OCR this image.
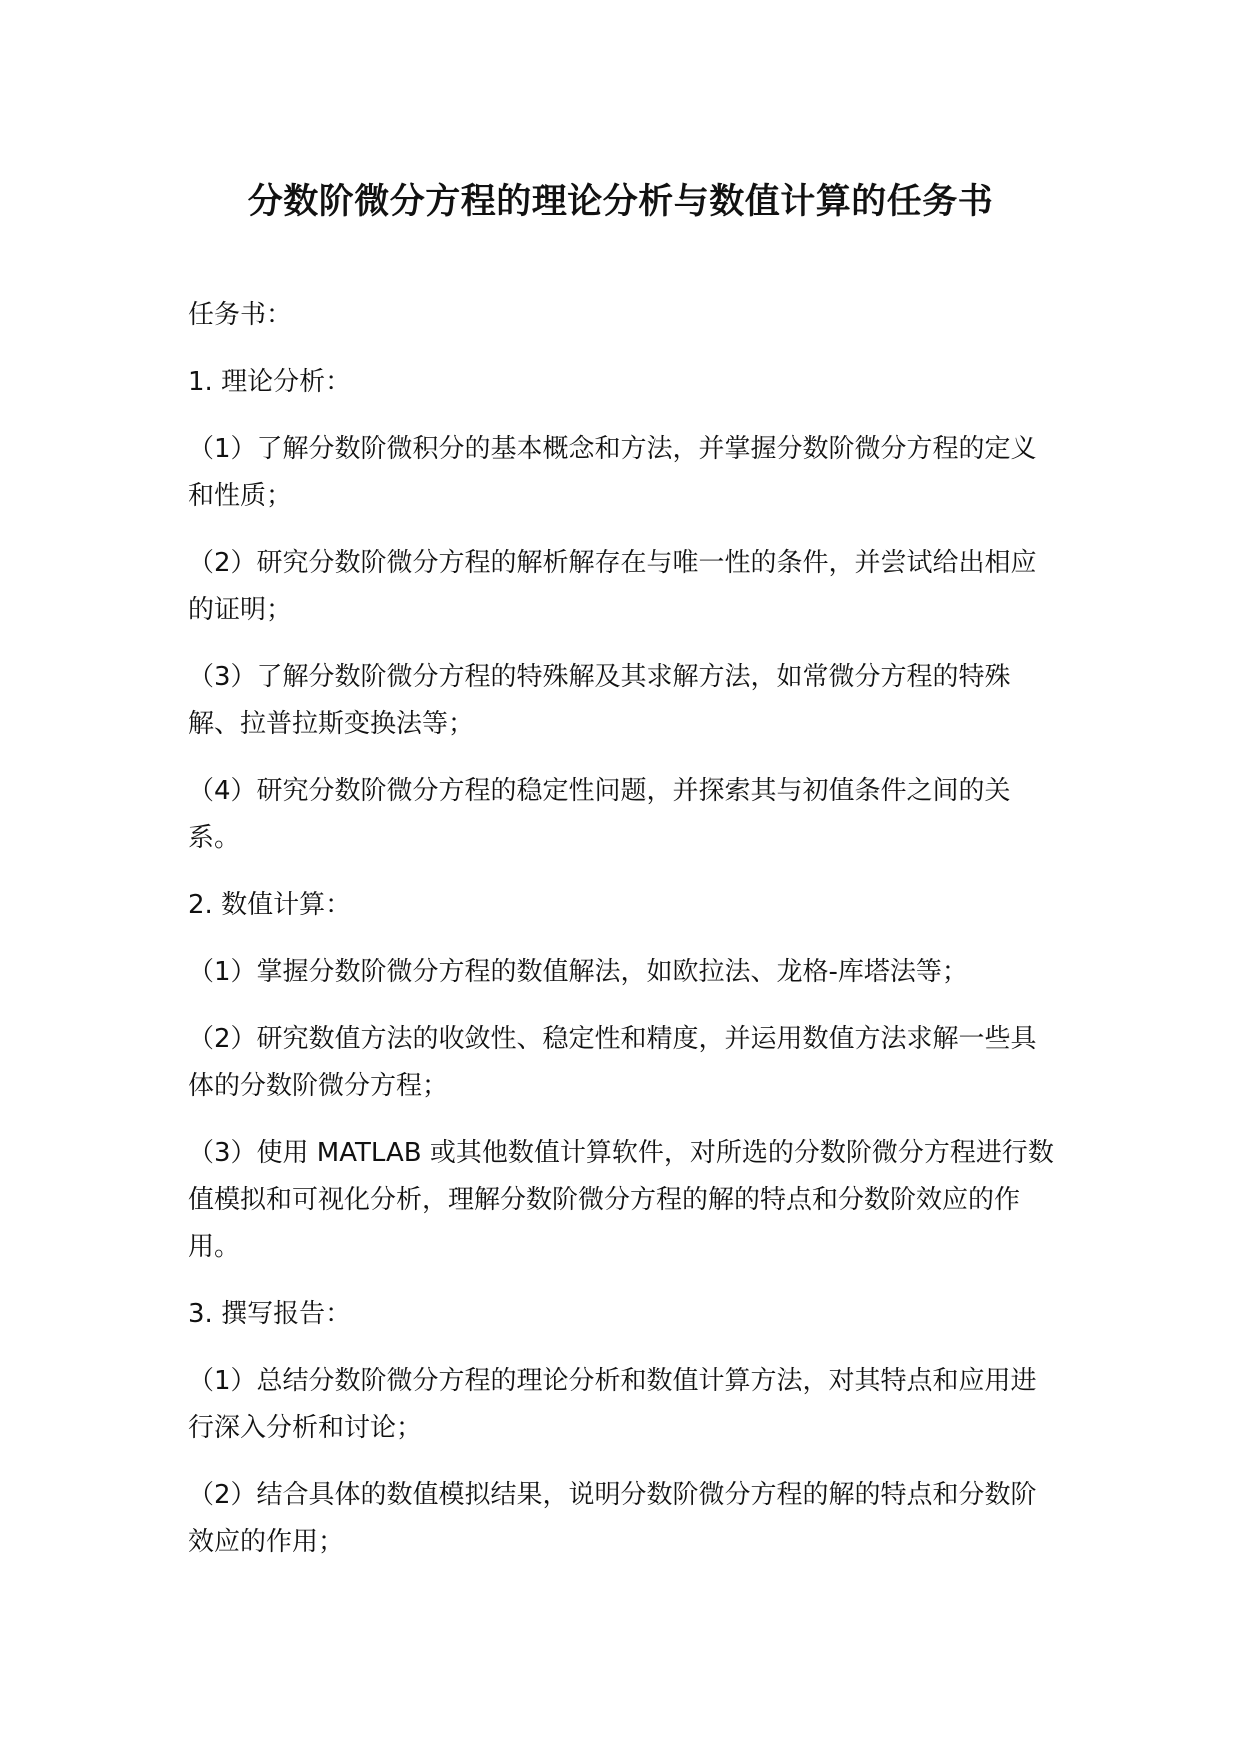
分数阶微分方程的理论分析与数值计算的任务书

任务书：

1. 理论分析：

（1）了解分数阶微积分的基本概念和方法，并掌握分数阶微分方程的定义和性质；

（2）研究分数阶微分方程的解析解存在与唯一性的条件，并尝试给出相应的证明；

（3）了解分数阶微分方程的特殊解及其求解方法，如常微分方程的特殊解、拉普拉斯变换法等；

（4）研究分数阶微分方程的稳定性问题，并探索其与初值条件之间的关系。

2. 数值计算：

（1）掌握分数阶微分方程的数值解法，如欧拉法、龙格-库塔法等；

（2）研究数值方法的收敛性、稳定性和精度，并运用数值方法求解一些具体的分数阶微分方程；

（3）使用 MATLAB 或其他数值计算软件，对所选的分数阶微分方程进行数值模拟和可视化分析，理解分数阶微分方程的解的特点和分数阶效应的作用。

3. 撰写报告：

（1）总结分数阶微分方程的理论分析和数值计算方法，对其特点和应用进行深入分析和讨论；

（2）结合具体的数值模拟结果，说明分数阶微分方程的解的特点和分数阶效应的作用；
